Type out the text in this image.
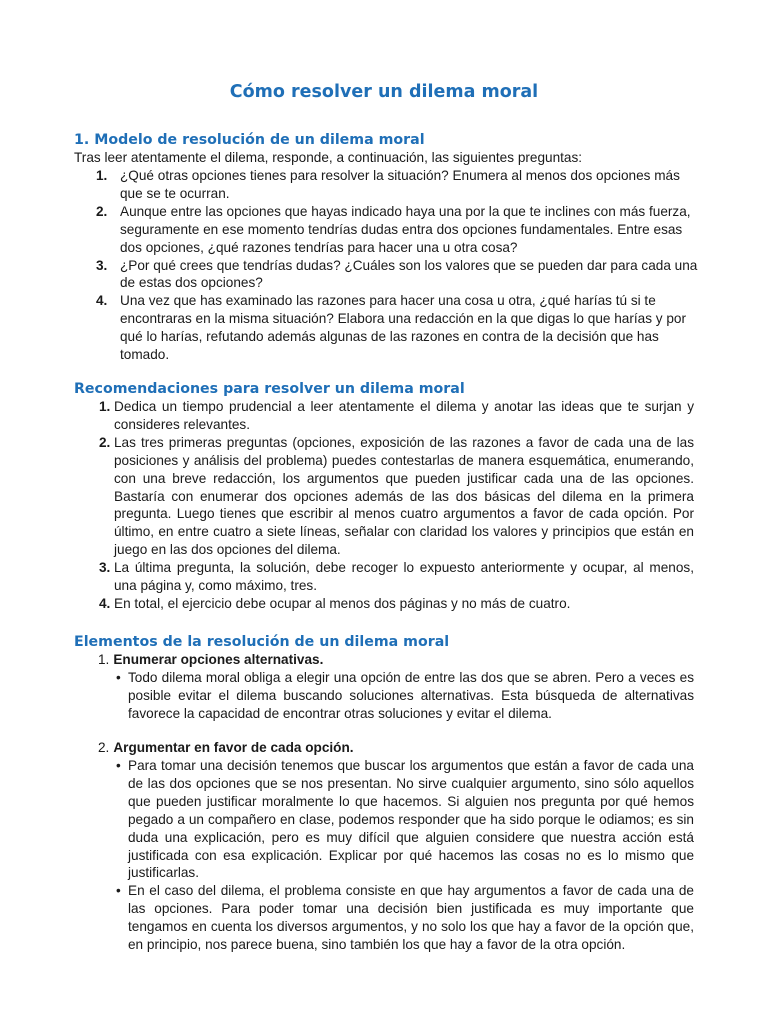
Cómo resolver un dilema moral
1. Modelo de resolución de un dilema moral

Tras leer atentamente el dilema, responde, a continuación, las siguientes preguntas:

1. ¿Qué otras opciones tienes para resolver la situación? Enumera al menos dos opciones más que se te ocurran.
2. Aunque entre las opciones que hayas indicado haya una por la que te inclines con más fuerza, seguramente en ese momento tendrías dudas entra dos opciones fundamentales. Entre esas dos opciones, ¿qué razones tendrías para hacer una u otra cosa?
3. ¿Por qué crees que tendrías dudas? ¿Cuáles son los valores que se pueden dar para cada una de estas dos opciones?
4. Una vez que has examinado las razones para hacer una cosa u otra, ¿qué harías tú si te encontraras en la misma situación? Elabora una redacción en la que digas lo que harías y por qué lo harías, refutando además algunas de las razones en contra de la decisión que has tomado.
Recomendaciones para resolver un dilema moral
1. Dedica un tiempo prudencial a leer atentamente el dilema y anotar las ideas que te surjan y consideres relevantes.
2. Las tres primeras preguntas (opciones, exposición de las razones a favor de cada una de las posiciones y análisis del problema) puedes contestarlas de manera esquemática, enumerando, con una breve redacción, los argumentos que pueden justificar cada una de las opciones. Bastaría con enumerar dos opciones además de las dos básicas del dilema en la primera pregunta. Luego tienes que escribir al menos cuatro argumentos a favor de cada opción. Por último, en entre cuatro a siete líneas, señalar con claridad los valores y principios que están en juego en las dos opciones del dilema.
3. La última pregunta, la solución, debe recoger lo expuesto anteriormente y ocupar, al menos, una página y, como máximo, tres.
4. En total, el ejercicio debe ocupar al menos dos páginas y no más de cuatro.
Elementos de la resolución de un dilema moral

1. Enumerar opciones alternativas.

• Todo dilema moral obliga a elegir una opción de entre las dos que se abren. Pero a veces es posible evitar el dilema buscando soluciones alternativas. Esta búsqueda de alternativas favorece la capacidad de encontrar otras soluciones y evitar el dilema.

2. Argumentar en favor de cada opción.

• Para tomar una decisión tenemos que buscar los argumentos que están a favor de cada una de las dos opciones que se nos presentan. No sirve cualquier argumento, sino sólo aquellos que pueden justificar moralmente lo que hacemos. Si alguien nos pregunta por qué hemos pegado a un compañero en clase, podemos responder que ha sido porque le odiamos; es sin duda una explicación, pero es muy difícil que alguien considere que nuestra acción está justificada con esa explicación. Explicar por qué hacemos las cosas no es lo mismo que justificarlas.
• En el caso del dilema, el problema consiste en que hay argumentos a favor de cada una de las opciones. Para poder tomar una decisión bien justificada es muy importante que tengamos en cuenta los diversos argumentos, y no solo los que hay a favor de la opción que, en principio, nos parece buena, sino también los que hay a favor de la otra opción.
